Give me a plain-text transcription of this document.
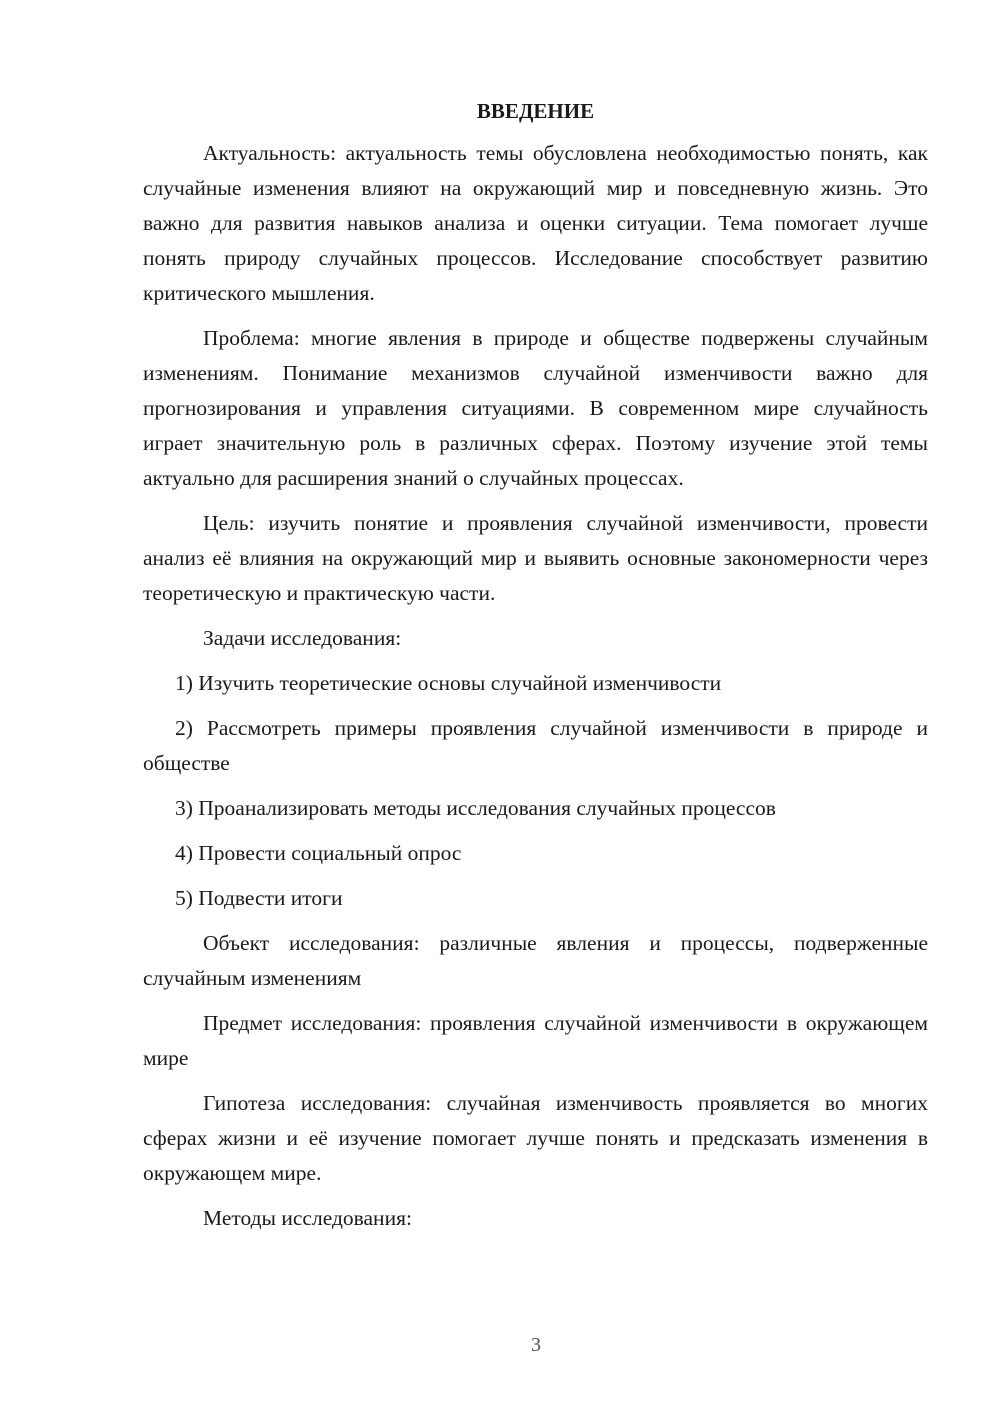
ВВЕДЕНИЕ

Актуальность: актуальность темы обусловлена необходимостью понять, как случайные изменения влияют на окружающий мир и повседневную жизнь. Это важно для развития навыков анализа и оценки ситуации. Тема помогает лучше понять природу случайных процессов. Исследование способствует развитию критического мышления.

Проблема: многие явления в природе и обществе подвержены случайным изменениям. Понимание механизмов случайной изменчивости важно для прогнозирования и управления ситуациями. В современном мире случайность играет значительную роль в различных сферах. Поэтому изучение этой темы актуально для расширения знаний о случайных процессах.

Цель: изучить понятие и проявления случайной изменчивости, провести анализ её влияния на окружающий мир и выявить основные закономерности через теоретическую и практическую части.

Задачи исследования:

1) Изучить теоретические основы случайной изменчивости

2) Рассмотреть примеры проявления случайной изменчивости в природе и обществе

3) Проанализировать методы исследования случайных процессов

4) Провести социальный опрос

5) Подвести итоги

Объект исследования: различные явления и процессы, подверженные случайным изменениям

Предмет исследования: проявления случайной изменчивости в окружающем мире

Гипотеза исследования: случайная изменчивость проявляется во многих сферах жизни и её изучение помогает лучше понять и предсказать изменения в окружающем мире.

Методы исследования:

3
